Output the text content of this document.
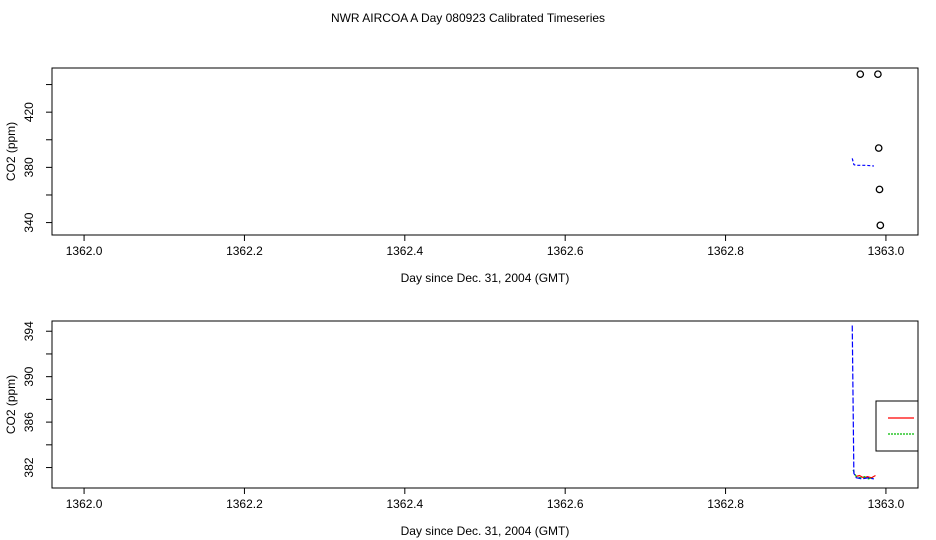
NWR AIRCOA A Day 080923 Calibrated Timeseries
1362.0	1362.2	1362.4	1362.6	1362.8	1363.0
340
380
420
Day since Dec. 31, 2004 (GMT)
CO2 (ppm)
1362.0	1362.2	1362.4	1362.6	1362.8	1363.0
382
386
390
394
Day since Dec. 31, 2004 (GMT)
CO2 (ppm)
